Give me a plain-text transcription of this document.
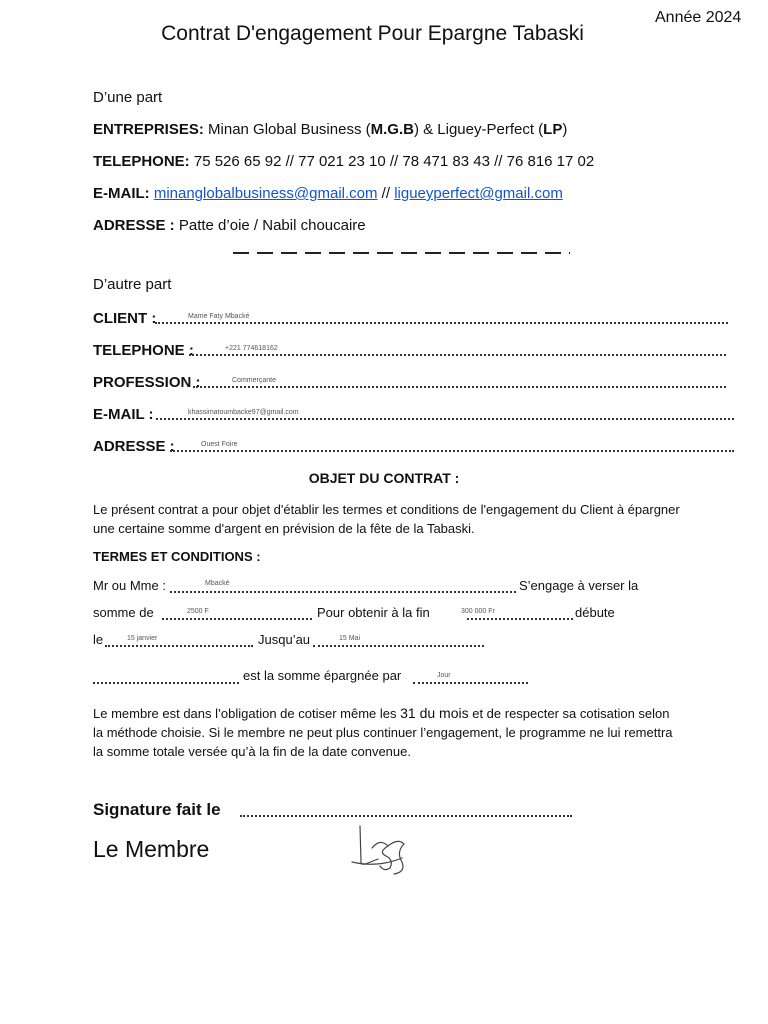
Année 2024
Contrat D'engagement Pour Epargne Tabaski
D’une part
ENTREPRISES: Minan Global Business (M.G.B) & Liguey-Perfect (LP)
TELEPHONE: 75 526 65 92 // 77 021 23 10 // 78 471 83 43 // 76 816 17 02
E-MAIL: minanglobalbusiness@gmail.com // ligueyperfect@gmail.com
ADRESSE : Patte d’oie / Nabil choucaire
D’autre part
CLIENT :	Mame Faty Mbacké
TELEPHONE :	+221 774618162
PROFESSION :	Commerçante
E-MAIL :	khassimatoumbacke97@gmail.com
ADRESSE :	Ouest Foire
OBJET DU CONTRAT :
Le présent contrat a pour objet d'établir les termes et conditions de l'engagement du Client à épargner une certaine somme d'argent en prévision de la fête de la Tabaski.
TERMES ET CONDITIONS :
Mr ou Mme :	Mbacké	S’engage à verser la
somme de	2500 F	Pour obtenir à la fin	300 000 Fr	débute
le	15 janvier	Jusqu’au	15 Mai
est la somme épargnée par	Jour
Le membre est dans l’obligation de cotiser même les 31 du mois et de respecter sa cotisation selon la méthode choisie. Si le membre ne peut plus continuer l’engagement, le programme ne lui remettra la somme totale versée qu’à la fin de la date convenue.
Signature fait le
Le Membre
